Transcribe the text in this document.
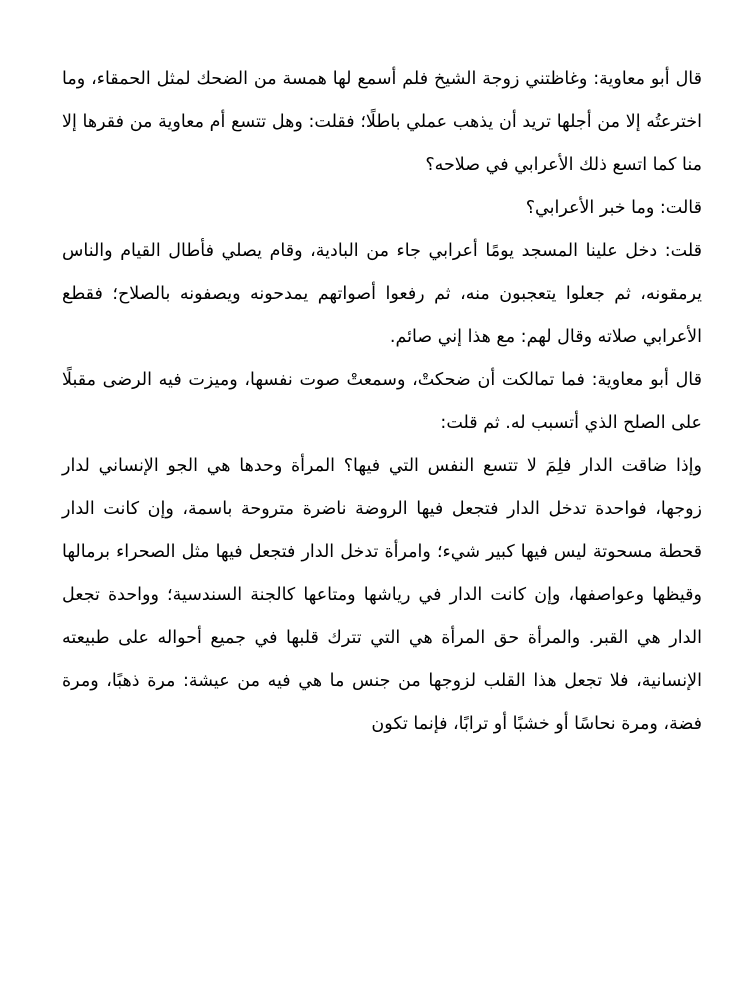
قال أبو معاوية: وغاظتني زوجة الشيخ فلم أسمع لها همسة من الضحك لمثل الحمقاء، وما اخترعتُه إلا من أجلها تريد أن يذهب عملي باطلًا؛ فقلت: وهل تتسع أم معاوية من فقرها إلا منا كما اتسع ذلك الأعرابي في صلاحه؟

قالت: وما خبر الأعرابي؟

قلت: دخل علينا المسجد يومًا أعرابي جاء من البادية، وقام يصلي فأطال القيام والناس يرمقونه، ثم جعلوا يتعجبون منه، ثم رفعوا أصواتهم يمدحونه ويصفونه بالصلاح؛ فقطع الأعرابي صلاته وقال لهم: مع هذا إني صائم.

قال أبو معاوية: فما تمالكت أن ضحكتْ، وسمعتْ صوت نفسها، وميزت فيه الرضى مقبلًا على الصلح الذي أتسبب له. ثم قلت:

وإذا ضاقت الدار فلِمَ لا تتسع النفس التي فيها؟ المرأة وحدها هي الجو الإنساني لدار زوجها، فواحدة تدخل الدار فتجعل فيها الروضة ناضرة متروحة باسمة، وإن كانت الدار قحطة مسحوتة ليس فيها كبير شيء؛ وامرأة تدخل الدار فتجعل فيها مثل الصحراء برمالها وقيظها وعواصفها، وإن كانت الدار في رياشها ومتاعها كالجنة السندسية؛ وواحدة تجعل الدار هي القبر. والمرأة حق المرأة هي التي تترك قلبها في جميع أحواله على طبيعته الإنسانية، فلا تجعل هذا القلب لزوجها من جنس ما هي فيه من عيشة: مرة ذهبًا، ومرة فضة، ومرة نحاسًا أو خشبًا أو ترابًا، فإنما تكون
